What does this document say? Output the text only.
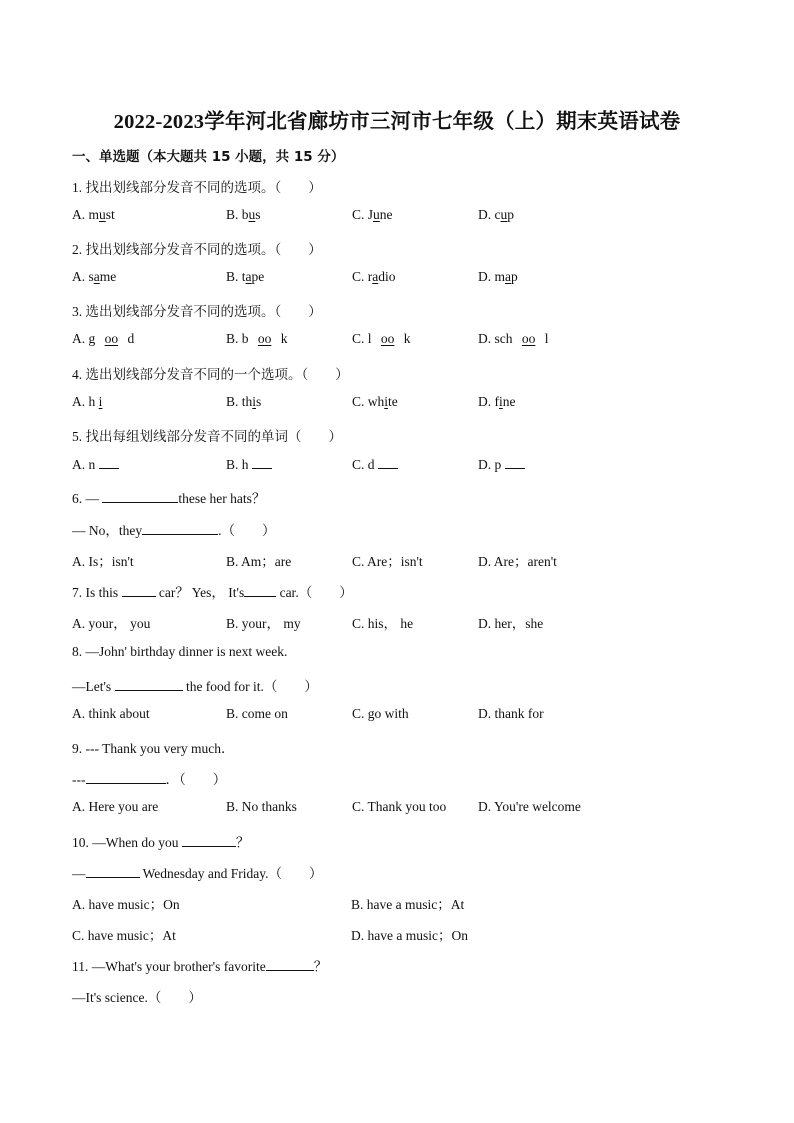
2022-2023学年河北省廊坊市三河市七年级（上）期末英语试卷
一、单选题（本大题共 15 小题，共 15 分）
1. 找出划线部分发音不同的选项。（　　）
A. must	B. bus	C. June	D. cup
2. 找出划线部分发音不同的选项。（　　）
A. same	B. tape	C. radio	D. map
3. 选出划线部分发音不同的选项。（　　）
A. g oo d	B. b oo k	C. l oo k	D. sch oo l
4. 选出划线部分发音不同的一个选项。（　　）
A. h i	B. this	C. white	D. fine
5. 找出每组划线部分发音不同的单词（　　）
A. n	B. h	C. d	D. p
6. —	these her hats？
— No，they	.（　　）
A. Is；isn't	B. Am；are	C. Are；isn't	D. Are；aren't
7. Is this	car？ Yes， It's	car.（　　）
A. your， you	B. your， my	C. his， he	D. her，she
8. —John' birthday dinner is next week.
—Let's	the food for it.（　　）
A. think about	B. come on	C. go with	D. thank for
9. --- Thank you very much．
---	．（　　）
A. Here you are	B. No thanks	C. Thank you too D. You're welcome
10. —When do you	？
—	Wednesday and Friday.（　　）
A. have music；On	B. have a music；At
C. have music；At	D. have a music；On
11. —What's your brother's favorite	？
—It's science.（　　）
